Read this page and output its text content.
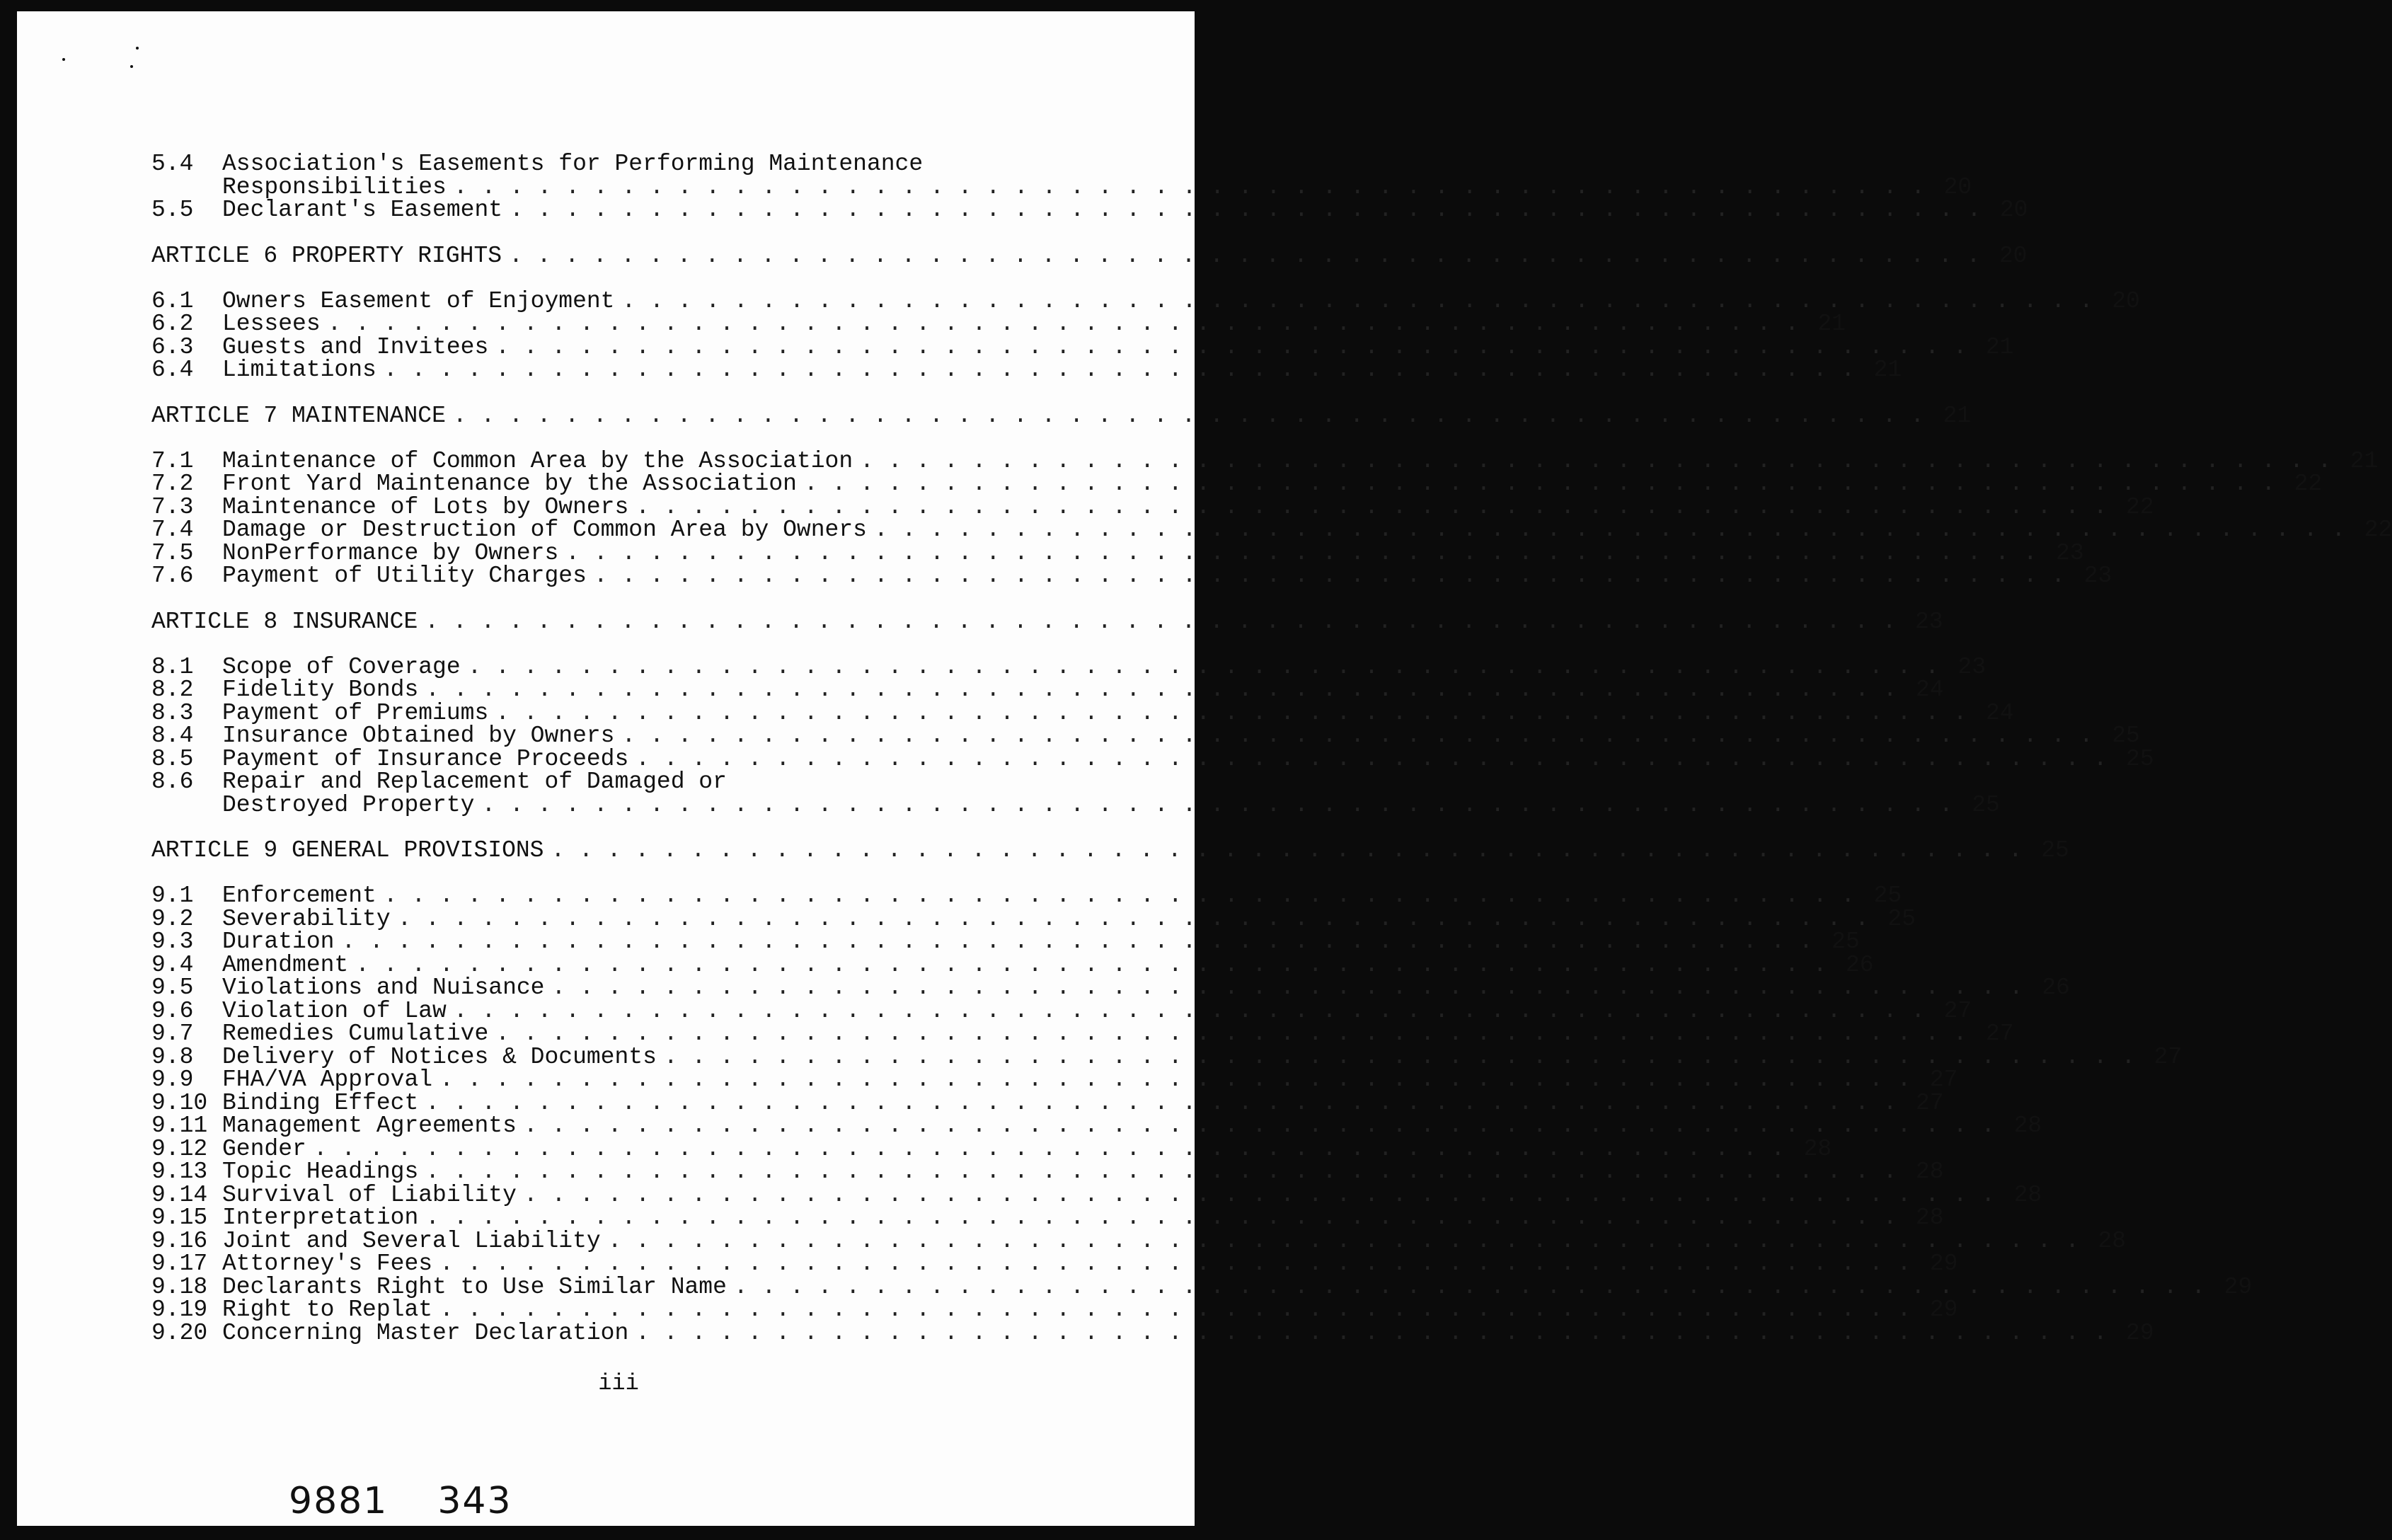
5.4	Association's Easements for Performing Maintenance
Responsibilities . . .	20
5.5	Declarant's Easement . . .	20
ARTICLE 6 PROPERTY RIGHTS . . .	20
6.1	Owners Easement of Enjoyment . . .	20
6.2	Lessees . . .	21
6.3	Guests and Invitees . . .	21
6.4	Limitations . . .	21
ARTICLE 7 MAINTENANCE . . .	21
7.1	Maintenance of Common Area by the Association . . .	21
7.2	Front Yard Maintenance by the Association . . .	22
7.3	Maintenance of Lots by Owners . . .	22
7.4	Damage or Destruction of Common Area by Owners . . .	22
7.5	NonPerformance by Owners . . .	23
7.6	Payment of Utility Charges . . .	23
ARTICLE 8 INSURANCE . . .	23
8.1	Scope of Coverage . . .	23
8.2	Fidelity Bonds . . .	24
8.3	Payment of Premiums . . .	24
8.4	Insurance Obtained by Owners . . .	25
8.5	Payment of Insurance Proceeds . . .	25
8.6	Repair and Replacement of Damaged or
Destroyed Property . . .	25
ARTICLE 9 GENERAL PROVISIONS . . .	25
9.1	Enforcement . . .	25
9.2	Severability . . .	25
9.3	Duration . . .	25
9.4	Amendment . . .	26
9.5	Violations and Nuisance . . .	26
9.6	Violation of Law . . .	27
9.7	Remedies Cumulative . . .	27
9.8	Delivery of Notices & Documents . . .	27
9.9	FHA/VA Approval . . .	27
9.10 Binding Effect . . .	27
9.11 Management Agreements . . .	28
9.12 Gender . . .	28
9.13 Topic Headings . . .	28
9.14 Survival of Liability . . .	28
9.15 Interpretation . . .	28
9.16 Joint and Several Liability . . .	28
9.17 Attorney's Fees . . .	29
9.18 Declarants Right to Use Similar Name . . .	29
9.19 Right to Replat . . .	29
9.20 Concerning Master Declaration . . .	29
iii
9881 343
